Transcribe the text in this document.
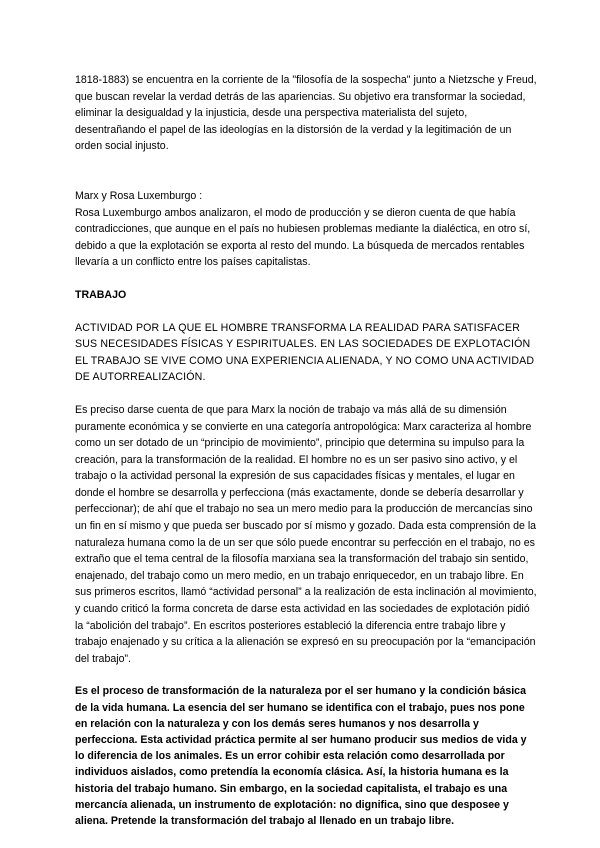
1818-1883) se encuentra en la corriente de la "filosofía de la sospecha" junto a Nietzsche y Freud, que buscan revelar la verdad detrás de las apariencias. Su objetivo era transformar la sociedad, eliminar la desigualdad y la injusticia, desde una perspectiva materialista del sujeto, desentrañando el papel de las ideologías en la distorsión de la verdad y la legitimación de un orden social injusto.

Marx y Rosa Luxemburgo :

Rosa Luxemburgo ambos analizaron, el modo de producción y se dieron cuenta de que había contradicciones, que aunque en el país no hubiesen problemas mediante la dialéctica, en otro sí, debido a que la explotación se exporta al resto del mundo. La búsqueda de mercados rentables llevaría a un conflicto entre los países capitalistas.

TRABAJO

ACTIVIDAD POR LA QUE EL HOMBRE TRANSFORMA LA REALIDAD PARA SATISFACER SUS NECESIDADES FÍSICAS Y ESPIRITUALES. EN LAS SOCIEDADES DE EXPLOTACIÓN EL TRABAJO SE VIVE COMO UNA EXPERIENCIA ALIENADA, Y NO COMO UNA ACTIVIDAD DE AUTORREALIZACIÓN.

Es preciso darse cuenta de que para Marx la noción de trabajo va más allá de su dimensión puramente económica y se convierte en una categoría antropológica: Marx caracteriza al hombre como un ser dotado de un “principio de movimiento”, principio que determina su impulso para la creación, para la transformación de la realidad. El hombre no es un ser pasivo sino activo, y el trabajo o la actividad personal la expresión de sus capacidades físicas y mentales, el lugar en donde el hombre se desarrolla y perfecciona (más exactamente, donde se debería desarrollar y perfeccionar); de ahí que el trabajo no sea un mero medio para la producción de mercancías sino un fin en sí mismo y que pueda ser buscado por sí mismo y gozado. Dada esta comprensión de la naturaleza humana como la de un ser que sólo puede encontrar su perfección en el trabajo, no es extraño que el tema central de la filosofía marxiana sea la transformación del trabajo sin sentido, enajenado, del trabajo como un mero medio, en un trabajo enriquecedor, en un trabajo libre. En sus primeros escritos, llamó “actividad personal” a la realización de esta inclinación al movimiento, y cuando criticó la forma concreta de darse esta actividad en las sociedades de explotación pidió la “abolición del trabajo”. En escritos posteriores estableció la diferencia entre trabajo libre y trabajo enajenado y su crítica a la alienación se expresó en su preocupación por la “emancipación del trabajo”.

Es el proceso de transformación de la naturaleza por el ser humano y la condición básica de la vida humana. La esencia del ser humano se identifica con el trabajo, pues nos pone en relación con la naturaleza y con los demás seres humanos y nos desarrolla y perfecciona. Esta actividad práctica permite al ser humano producir sus medios de vida y lo diferencia de los animales. Es un error cohibir esta relación como desarrollada por individuos aislados, como pretendía la economía clásica. Así, la historia humana es la historia del trabajo humano. Sin embargo, en la sociedad capitalista, el trabajo es una mercancía alienada, un instrumento de explotación: no dignifica, sino que desposee y aliena. Pretende la transformación del trabajo al llenado en un trabajo libre.
